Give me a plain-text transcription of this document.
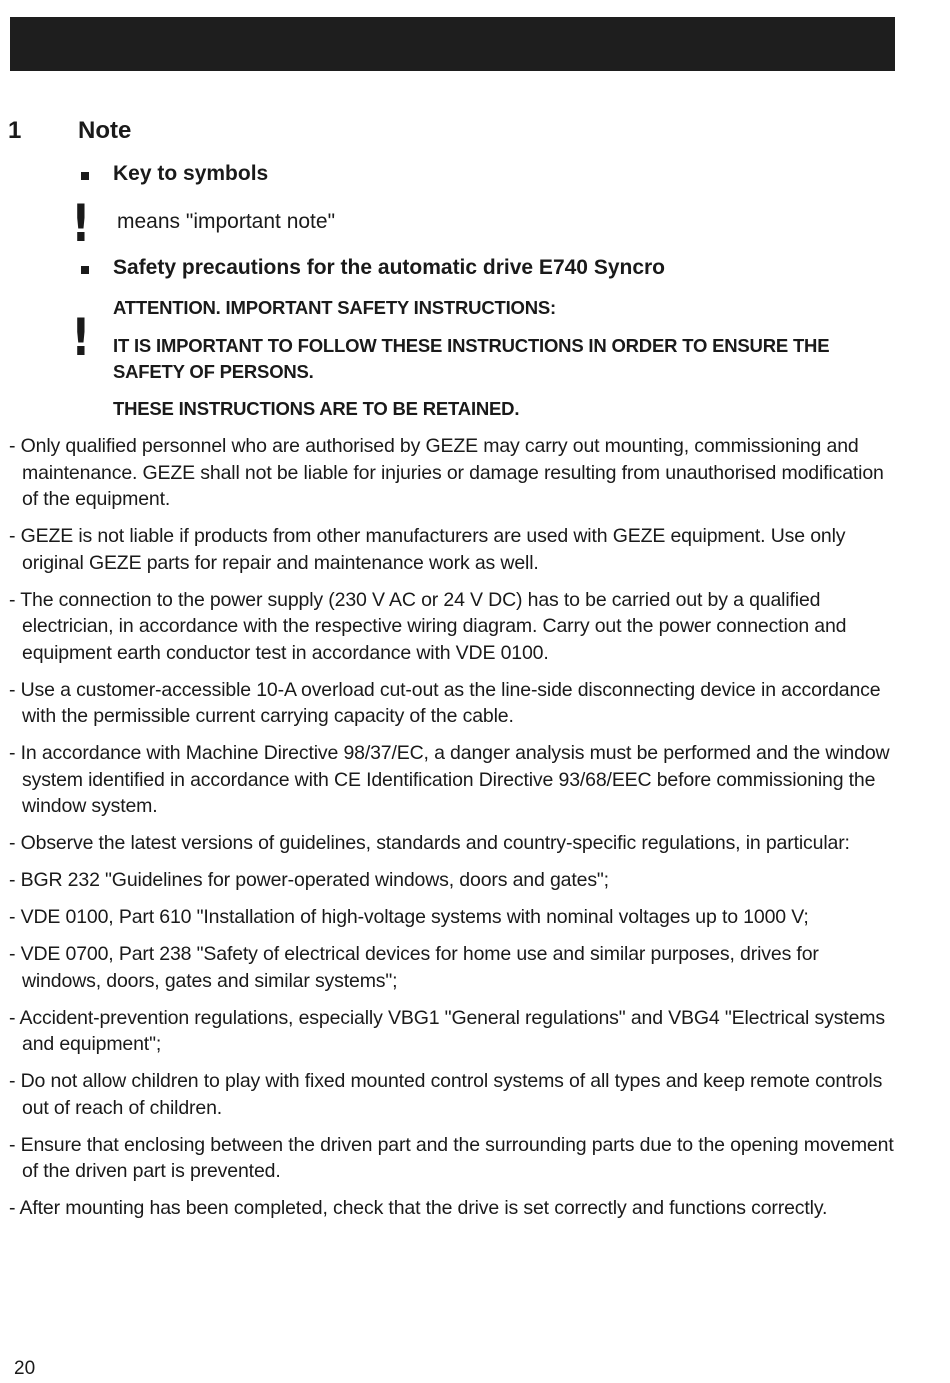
1 Note
Key to symbols
! means "important note"
Safety precautions for the automatic drive E740 Syncro
ATTENTION. IMPORTANT SAFETY INSTRUCTIONS:
! IT IS IMPORTANT TO FOLLOW THESE INSTRUCTIONS IN ORDER TO ENSURE THE SAFETY OF PERSONS.
THESE INSTRUCTIONS ARE TO BE RETAINED.
- Only qualified personnel who are authorised by GEZE may carry out mounting, commissioning and maintenance. GEZE shall not be liable for injuries or damage resulting from unauthorised modification of the equipment.
- GEZE is not liable if products from other manufacturers are used with GEZE equipment. Use only original GEZE parts for repair and maintenance work as well.
- The connection to the power supply (230 V AC or 24 V DC) has to be carried out by a qualified electrician, in accordance with the respective wiring diagram. Carry out the power connection and equipment earth conductor test in accordance with VDE 0100.
- Use a customer-accessible 10-A overload cut-out as the line-side disconnecting device in accordance with the permissible current carrying capacity of the cable.
- In accordance with Machine Directive 98/37/EC, a danger analysis must be performed and the window system identified in accordance with CE Identification Directive 93/68/EEC before commissioning the window system.
- Observe the latest versions of guidelines, standards and country-specific regulations, in particular:
- BGR 232 "Guidelines for power-operated windows, doors and gates";
- VDE 0100, Part 610 "Installation of high-voltage systems with nominal voltages up to 1000 V;
- VDE 0700, Part 238 "Safety of electrical devices for home use and similar purposes, drives for windows, doors, gates and similar systems";
- Accident-prevention regulations, especially VBG1 "General regulations" and VBG4 "Electrical systems and equipment";
- Do not allow children to play with fixed mounted control systems of all types and keep remote controls out of reach of children.
- Ensure that enclosing between the driven part and the surrounding parts due to the opening movement of the driven part is prevented.
- After mounting has been completed, check that the drive is set correctly and functions correctly.
20
